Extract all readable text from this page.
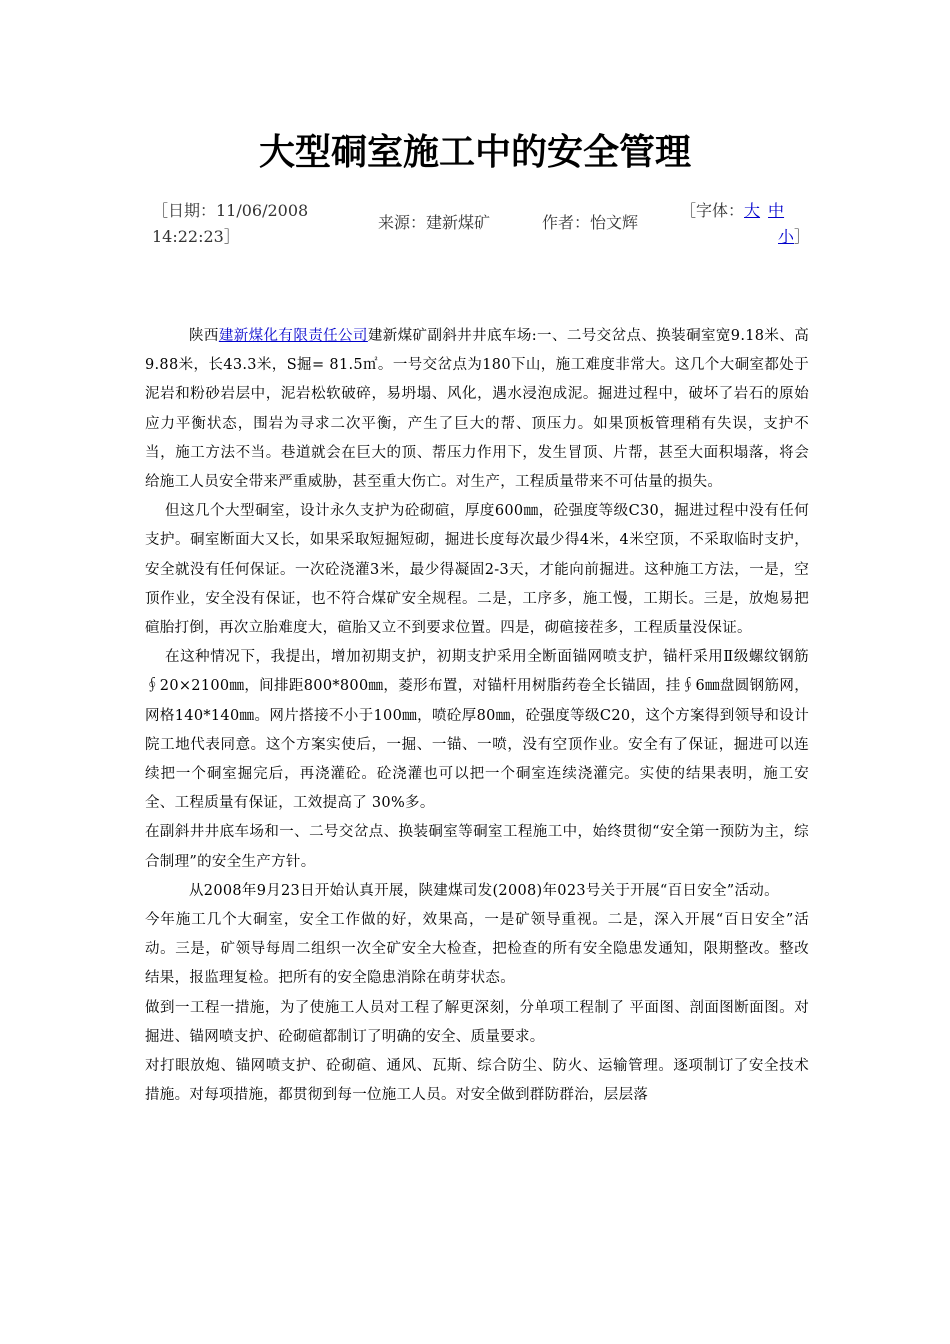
大型硐室施工中的安全管理
［日期：11/06/2008
14:22:23］
来源：建新煤矿	作者：怡文辉
［字体：大 中
小］

陕西建新煤化有限责任公司建新煤矿副斜井井底车场:一、二号交岔点、换装硐室宽9.18米、高9.88米，长43.3米，S掘= 81.5㎡。一号交岔点为180下山，施工难度非常大。这几个大硐室都处于泥岩和粉砂岩层中，泥岩松软破碎，易坍塌、风化，遇水浸泡成泥。掘进过程中，破坏了岩石的原始应力平衡状态，围岩为寻求二次平衡，产生了巨大的帮、顶压力。如果顶板管理稍有失误，支护不当，施工方法不当。巷道就会在巨大的顶、帮压力作用下，发生冒顶、片帮，甚至大面积塌落，将会给施工人员安全带来严重威胁，甚至重大伤亡。对生产，工程质量带来不可估量的损失。

但这几个大型硐室，设计永久支护为砼砌碹，厚度600㎜，砼强度等级C30，掘进过程中没有任何支护。硐室断面大又长，如果采取短掘短砌，掘进长度每次最少得4米，4米空顶，不采取临时支护，安全就没有任何保证。一次砼浇灌3米，最少得凝固2-3天，才能向前掘进。这种施工方法，一是，空顶作业，安全没有保证，也不符合煤矿安全规程。二是，工序多，施工慢，工期长。三是，放炮易把碹胎打倒，再次立胎难度大，碹胎又立不到要求位置。四是，砌碹接茬多，工程质量没保证。

在这种情况下，我提出，增加初期支护，初期支护采用全断面锚网喷支护，锚杆采用Ⅱ级螺纹钢筋∮20×2100㎜，间排距800*800㎜，菱形布置，对锚杆用树脂药卷全长锚固，挂∮6㎜盘圆钢筋网，网格140*140㎜。网片搭接不小于100㎜，喷砼厚80㎜，砼强度等级C20，这个方案得到领导和设计院工地代表同意。这个方案实使后，一掘、一锚、一喷，没有空顶作业。安全有了保证，掘进可以连续把一个硐室掘完后，再浇灌砼。砼浇灌也可以把一个硐室连续浇灌完。实使的结果表明，施工安全、工程质量有保证，工效提高了 30%多。

在副斜井井底车场和一、二号交岔点、换装硐室等硐室工程施工中，始终贯彻“安全第一预防为主，综合制理”的安全生产方针。

从2008年9月23日开始认真开展，陕建煤司发(2008)年023号关于开展“百日安全”活动。

今年施工几个大硐室，安全工作做的好，效果高，一是矿领导重视。二是，深入开展“百日安全”活动。三是，矿领导每周二组织一次全矿安全大检查，把检查的所有安全隐患发通知，限期整改。整改结果，报监理复检。把所有的安全隐患消除在萌芽状态。

做到一工程一措施，为了使施工人员对工程了解更深刻，分单项工程制了 平面图、剖面图断面图。对掘进、锚网喷支护、砼砌碹都制订了明确的安全、质量要求。

对打眼放炮、锚网喷支护、砼砌碹、通风、瓦斯、综合防尘、防火、运输管理。逐项制订了安全技术措施。对每项措施，都贯彻到每一位施工人员。对安全做到群防群治，层层落
